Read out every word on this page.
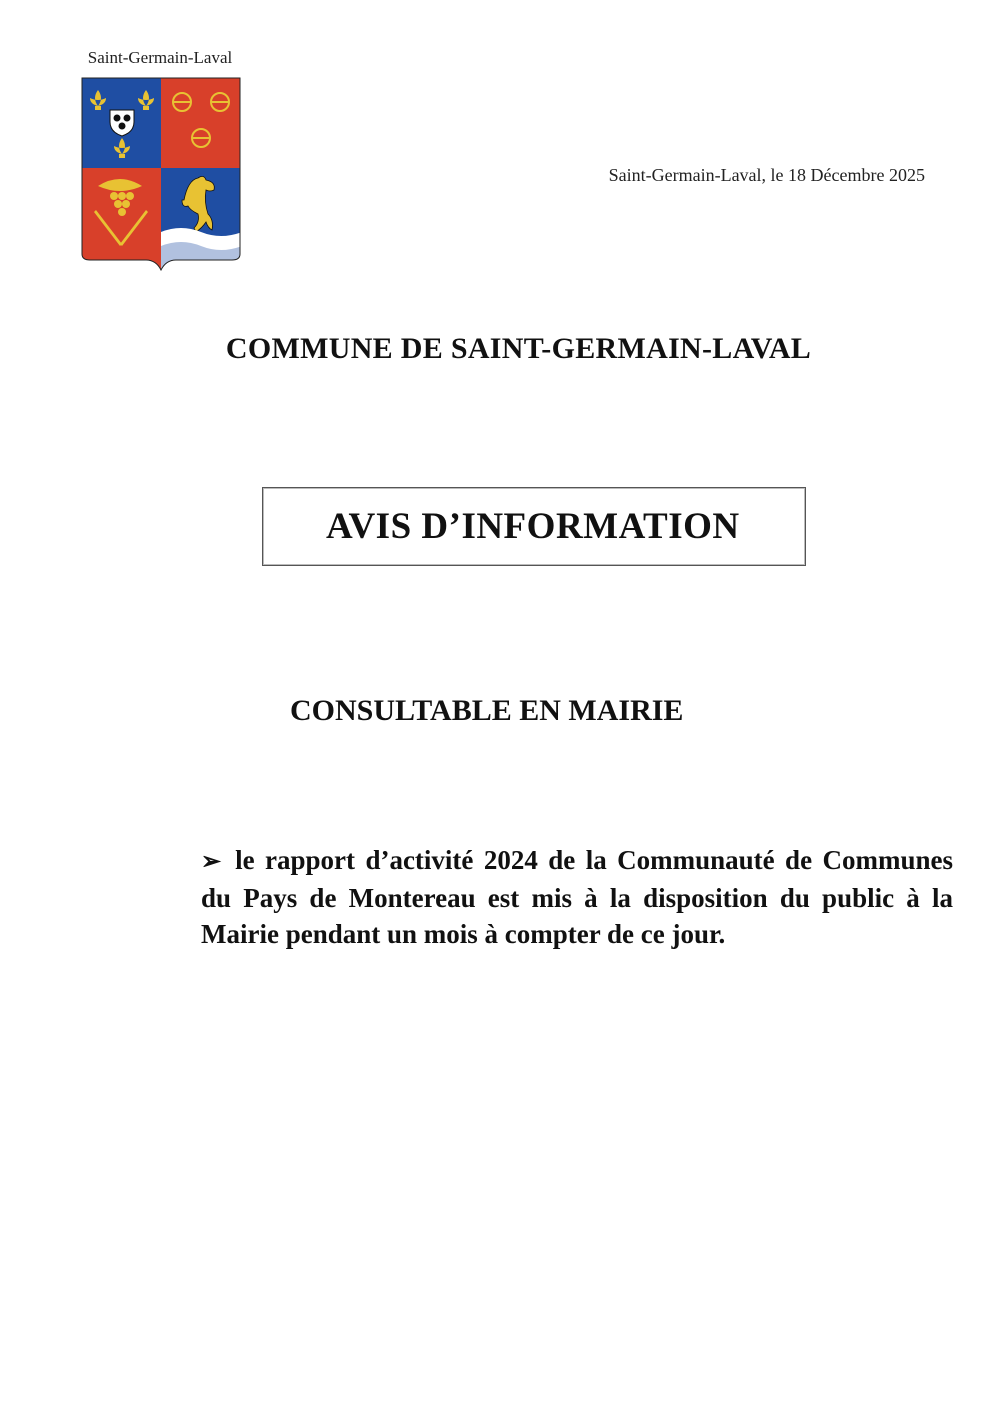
Saint-Germain-Laval
Saint-Germain-Laval, le 18 Décembre 2025
COMMUNE DE SAINT-GERMAIN-LAVAL
AVIS D’INFORMATION
CONSULTABLE EN MAIRIE
➢ le rapport d’activité 2024 de la Communauté de Communes du Pays de Montereau est mis à la disposition du public à la Mairie pendant un mois à compter de ce jour.
